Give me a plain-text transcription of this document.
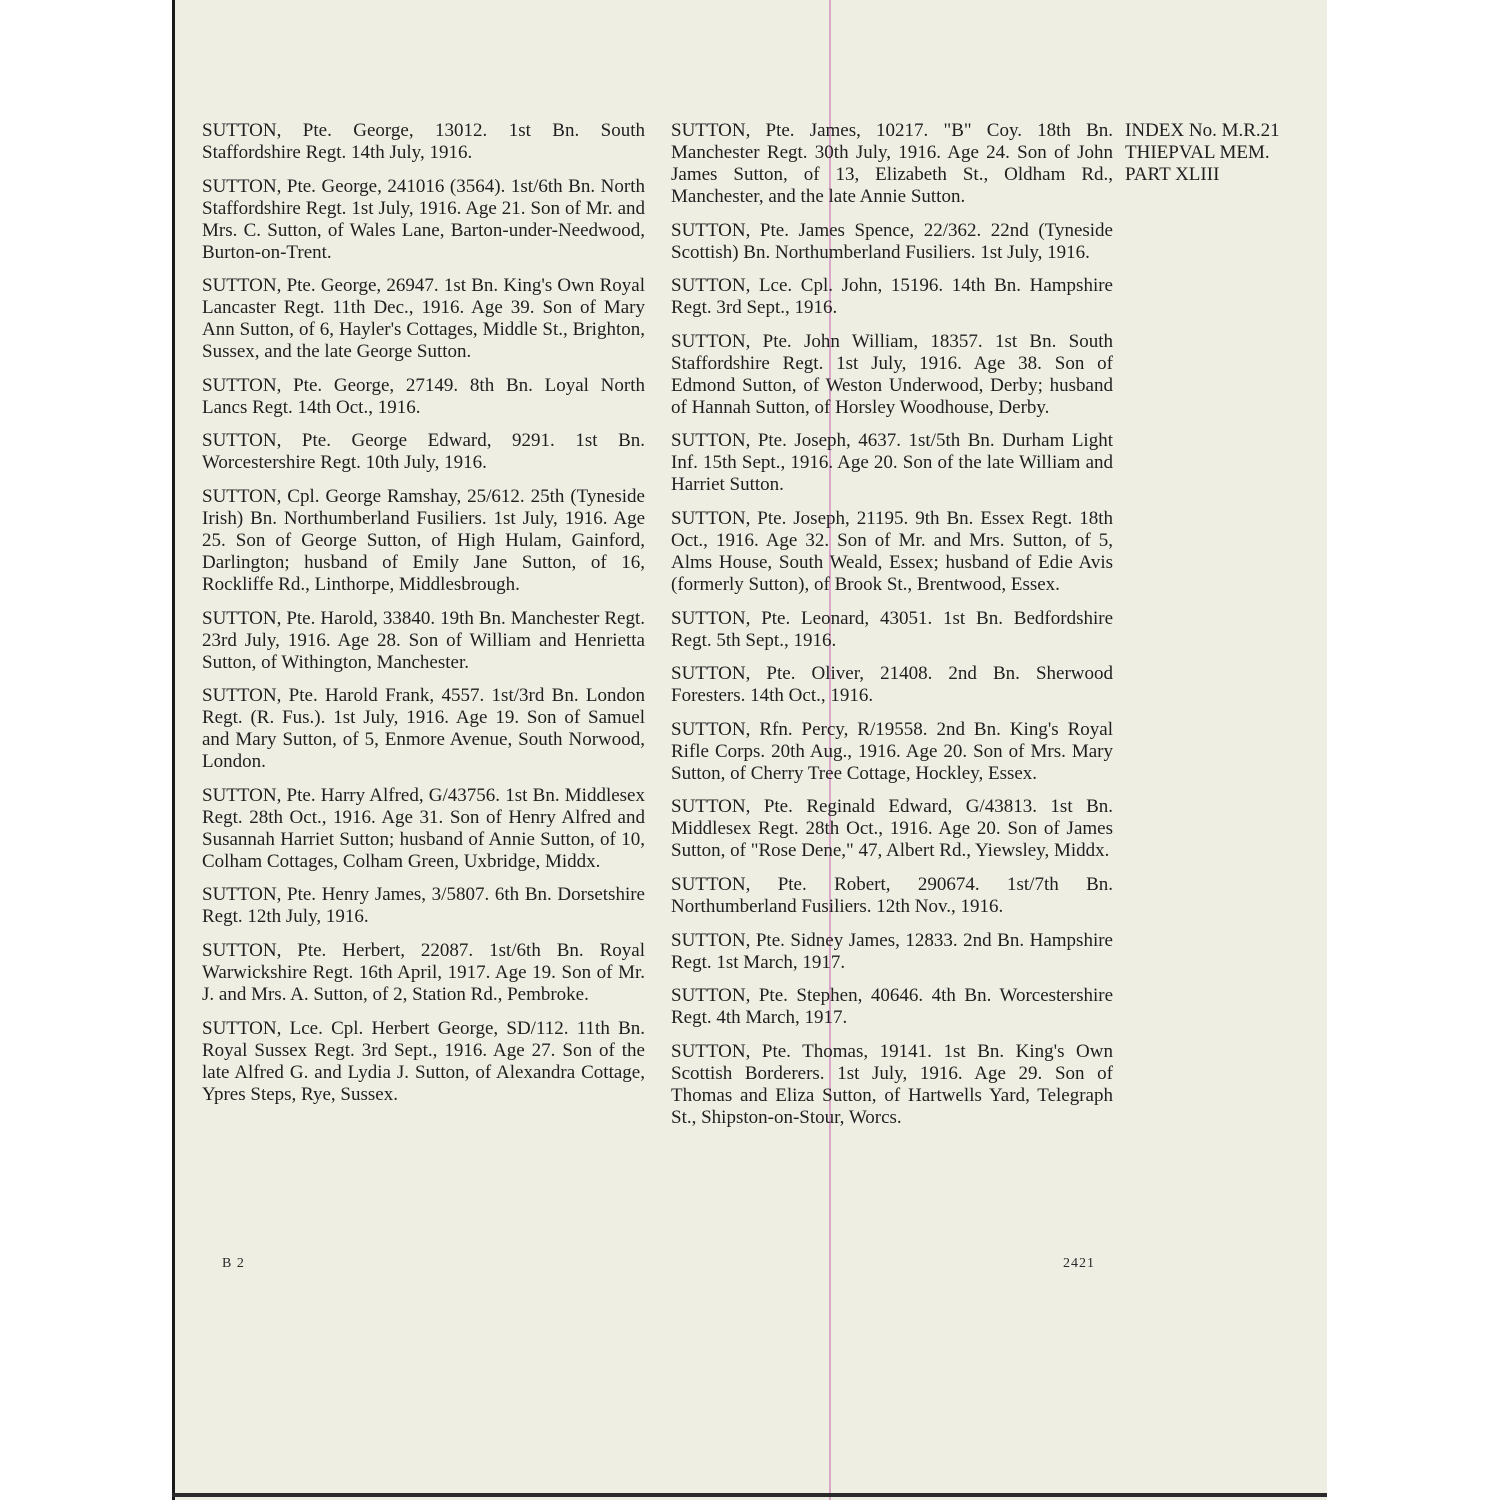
SUTTON, Pte. George, 13012. 1st Bn. South Staffordshire Regt. 14th July, 1916.

SUTTON, Pte. George, 241016 (3564). 1st/6th Bn. North Staffordshire Regt. 1st July, 1916. Age 21. Son of Mr. and Mrs. C. Sutton, of Wales Lane, Barton-under-Needwood, Burton-on-Trent.

SUTTON, Pte. George, 26947. 1st Bn. King's Own Royal Lancaster Regt. 11th Dec., 1916. Age 39. Son of Mary Ann Sutton, of 6, Hayler's Cottages, Middle St., Brighton, Sussex, and the late George Sutton.

SUTTON, Pte. George, 27149. 8th Bn. Loyal North Lancs Regt. 14th Oct., 1916.

SUTTON, Pte. George Edward, 9291. 1st Bn. Worcestershire Regt. 10th July, 1916.

SUTTON, Cpl. George Ramshay, 25/612. 25th (Tyneside Irish) Bn. Northumberland Fusiliers. 1st July, 1916. Age 25. Son of George Sutton, of High Hulam, Gainford, Darlington; husband of Emily Jane Sutton, of 16, Rockliffe Rd., Linthorpe, Middlesbrough.

SUTTON, Pte. Harold, 33840. 19th Bn. Manchester Regt. 23rd July, 1916. Age 28. Son of William and Henrietta Sutton, of Withington, Manchester.

SUTTON, Pte. Harold Frank, 4557. 1st/3rd Bn. London Regt. (R. Fus.). 1st July, 1916. Age 19. Son of Samuel and Mary Sutton, of 5, Enmore Avenue, South Norwood, London.

SUTTON, Pte. Harry Alfred, G/43756. 1st Bn. Middlesex Regt. 28th Oct., 1916. Age 31. Son of Henry Alfred and Susannah Harriet Sutton; husband of Annie Sutton, of 10, Colham Cottages, Colham Green, Uxbridge, Middx.

SUTTON, Pte. Henry James, 3/5807. 6th Bn. Dorsetshire Regt. 12th July, 1916.

SUTTON, Pte. Herbert, 22087. 1st/6th Bn. Royal Warwickshire Regt. 16th April, 1917. Age 19. Son of Mr. J. and Mrs. A. Sutton, of 2, Station Rd., Pembroke.

SUTTON, Lce. Cpl. Herbert George, SD/112. 11th Bn. Royal Sussex Regt. 3rd Sept., 1916. Age 27. Son of the late Alfred G. and Lydia J. Sutton, of Alexandra Cottage, Ypres Steps, Rye, Sussex.

SUTTON, Pte. James, 10217. "B" Coy. 18th Bn. Manchester Regt. 30th July, 1916. Age 24. Son of John James Sutton, of 13, Elizabeth St., Oldham Rd., Manchester, and the late Annie Sutton.

SUTTON, Pte. James Spence, 22/362. 22nd (Tyneside Scottish) Bn. Northumberland Fusiliers. 1st July, 1916.

SUTTON, Lce. Cpl. John, 15196. 14th Bn. Hampshire Regt. 3rd Sept., 1916.

SUTTON, Pte. John William, 18357. 1st Bn. South Staffordshire Regt. 1st July, 1916. Age 38. Son of Edmond Sutton, of Weston Underwood, Derby; husband of Hannah Sutton, of Horsley Woodhouse, Derby.

SUTTON, Pte. Joseph, 4637. 1st/5th Bn. Durham Light Inf. 15th Sept., 1916. Age 20. Son of the late William and Harriet Sutton.

SUTTON, Pte. Joseph, 21195. 9th Bn. Essex Regt. 18th Oct., 1916. Age 32. Son of Mr. and Mrs. Sutton, of 5, Alms House, South Weald, Essex; husband of Edie Avis (formerly Sutton), of Brook St., Brentwood, Essex.

SUTTON, Pte. Leonard, 43051. 1st Bn. Bedfordshire Regt. 5th Sept., 1916.

SUTTON, Pte. Oliver, 21408. 2nd Bn. Sherwood Foresters. 14th Oct., 1916.

SUTTON, Rfn. Percy, R/19558. 2nd Bn. King's Royal Rifle Corps. 20th Aug., 1916. Age 20. Son of Mrs. Mary Sutton, of Cherry Tree Cottage, Hockley, Essex.

SUTTON, Pte. Reginald Edward, G/43813. 1st Bn. Middlesex Regt. 28th Oct., 1916. Age 20. Son of James Sutton, of "Rose Dene," 47, Albert Rd., Yiewsley, Middx.

SUTTON, Pte. Robert, 290674. 1st/7th Bn. Northumberland Fusiliers. 12th Nov., 1916.

SUTTON, Pte. Sidney James, 12833. 2nd Bn. Hampshire Regt. 1st March, 1917.

SUTTON, Pte. Stephen, 40646. 4th Bn. Worcestershire Regt. 4th March, 1917.

SUTTON, Pte. Thomas, 19141. 1st Bn. King's Own Scottish Borderers. 1st July, 1916. Age 29. Son of Thomas and Eliza Sutton, of Hartwells Yard, Telegraph St., Shipston-on-Stour, Worcs.

INDEX No. M.R.21
THIEPVAL MEM.
PART XLIII
B 2	2421
